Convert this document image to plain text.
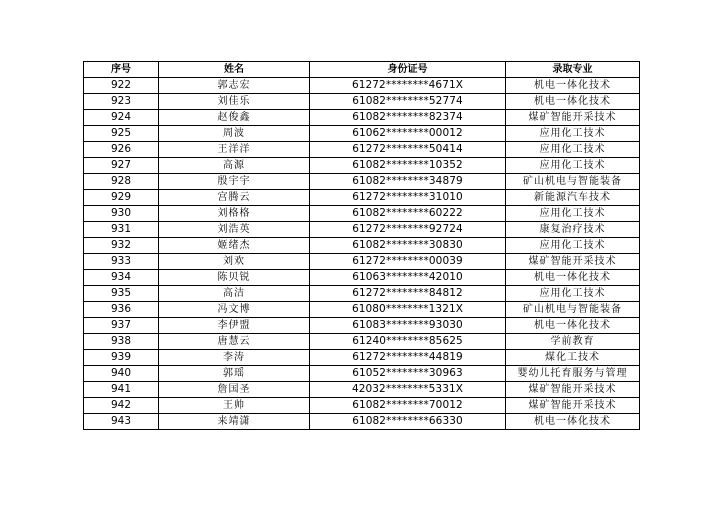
序号	姓名	身份证号	录取专业
922	郭志宏	61272********4671X	机电一体化技术
923	刘佳乐	61082********52774	机电一体化技术
924	赵俊鑫	61082********82374	煤矿智能开采技术
925	周波	61062********00012	应用化工技术
926	王洋洋	61272********50414	应用化工技术
927	高源	61082********10352	应用化工技术
928	殷宇宇	61082********34879	矿山机电与智能装备
929	宫腾云	61272********31010	新能源汽车技术
930	刘格格	61082********60222	应用化工技术
931	刘浩英	61272********92724	康复治疗技术
932	姬绪杰	61082********30830	应用化工技术
933	刘欢	61272********00039	煤矿智能开采技术
934	陈贝锐	61063********42010	机电一体化技术
935	高洁	61272********84812	应用化工技术
936	冯文博	61080********1321X	矿山机电与智能装备
937	李伊盟	61083********93030	机电一体化技术
938	唐慧云	61240********85625	学前教育
939	李涛	61272********44819	煤化工技术
940	郭瑶	61052********30963	婴幼儿托育服务与管理
941	詹国圣	42032********5331X	煤矿智能开采技术
942	王帅	61082********70012	煤矿智能开采技术
943	来靖潇	61082********66330	机电一体化技术
